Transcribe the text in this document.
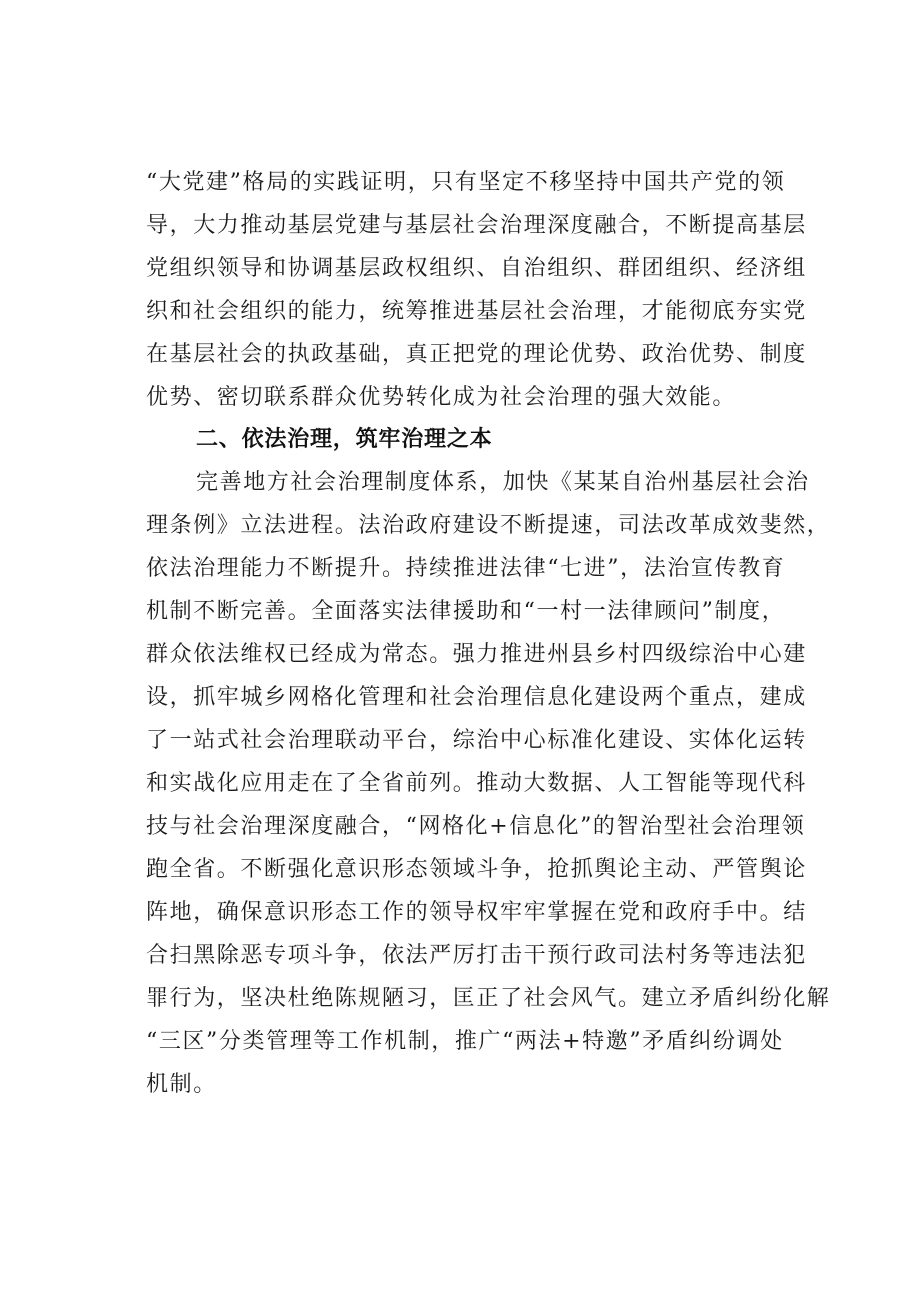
“大党建”格局的实践证明，只有坚定不移坚持中国共产党的领
导，大力推动基层党建与基层社会治理深度融合，不断提高基层
党组织领导和协调基层政权组织、自治组织、群团组织、经济组
织和社会组织的能力，统筹推进基层社会治理，才能彻底夯实党
在基层社会的执政基础，真正把党的理论优势、政治优势、制度
优势、密切联系群众优势转化成为社会治理的强大效能。
二、依法治理，筑牢治理之本
完善地方社会治理制度体系，加快《某某自治州基层社会治
理条例》立法进程。法治政府建设不断提速，司法改革成效斐然，
依法治理能力不断提升。持续推进法律“七进”，法治宣传教育
机制不断完善。全面落实法律援助和“一村一法律顾问”制度，
群众依法维权已经成为常态。强力推进州县乡村四级综治中心建
设，抓牢城乡网格化管理和社会治理信息化建设两个重点，建成
了一站式社会治理联动平台，综治中心标准化建设、实体化运转
和实战化应用走在了全省前列。推动大数据、人工智能等现代科
技与社会治理深度融合，“网格化+信息化”的智治型社会治理领
跑全省。不断强化意识形态领域斗争，抢抓舆论主动、严管舆论
阵地，确保意识形态工作的领导权牢牢掌握在党和政府手中。结
合扫黑除恶专项斗争，依法严厉打击干预行政司法村务等违法犯
罪行为，坚决杜绝陈规陋习，匡正了社会风气。建立矛盾纠纷化解
“三区”分类管理等工作机制，推广“两法+特邀”矛盾纠纷调处
机制。
